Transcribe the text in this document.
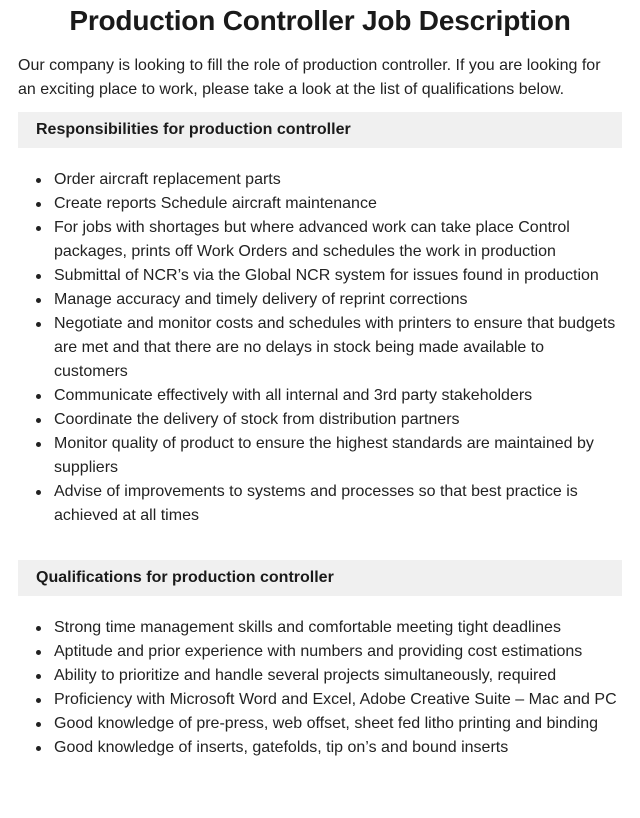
Production Controller Job Description

Our company is looking to fill the role of production controller. If you are looking for an exciting place to work, please take a look at the list of qualifications below.

Responsibilities for production controller
Order aircraft replacement parts
Create reports Schedule aircraft maintenance
For jobs with shortages but where advanced work can take place Control packages, prints off Work Orders and schedules the work in production
Submittal of NCR’s via the Global NCR system for issues found in production
Manage accuracy and timely delivery of reprint corrections
Negotiate and monitor costs and schedules with printers to ensure that budgets are met and that there are no delays in stock being made available to customers
Communicate effectively with all internal and 3rd party stakeholders
Coordinate the delivery of stock from distribution partners
Monitor quality of product to ensure the highest standards are maintained by suppliers
Advise of improvements to systems and processes so that best practice is achieved at all times
Qualifications for production controller
Strong time management skills and comfortable meeting tight deadlines
Aptitude and prior experience with numbers and providing cost estimations
Ability to prioritize and handle several projects simultaneously, required
Proficiency with Microsoft Word and Excel, Adobe Creative Suite – Mac and PC
Good knowledge of pre-press, web offset, sheet fed litho printing and binding
Good knowledge of inserts, gatefolds, tip on’s and bound inserts
